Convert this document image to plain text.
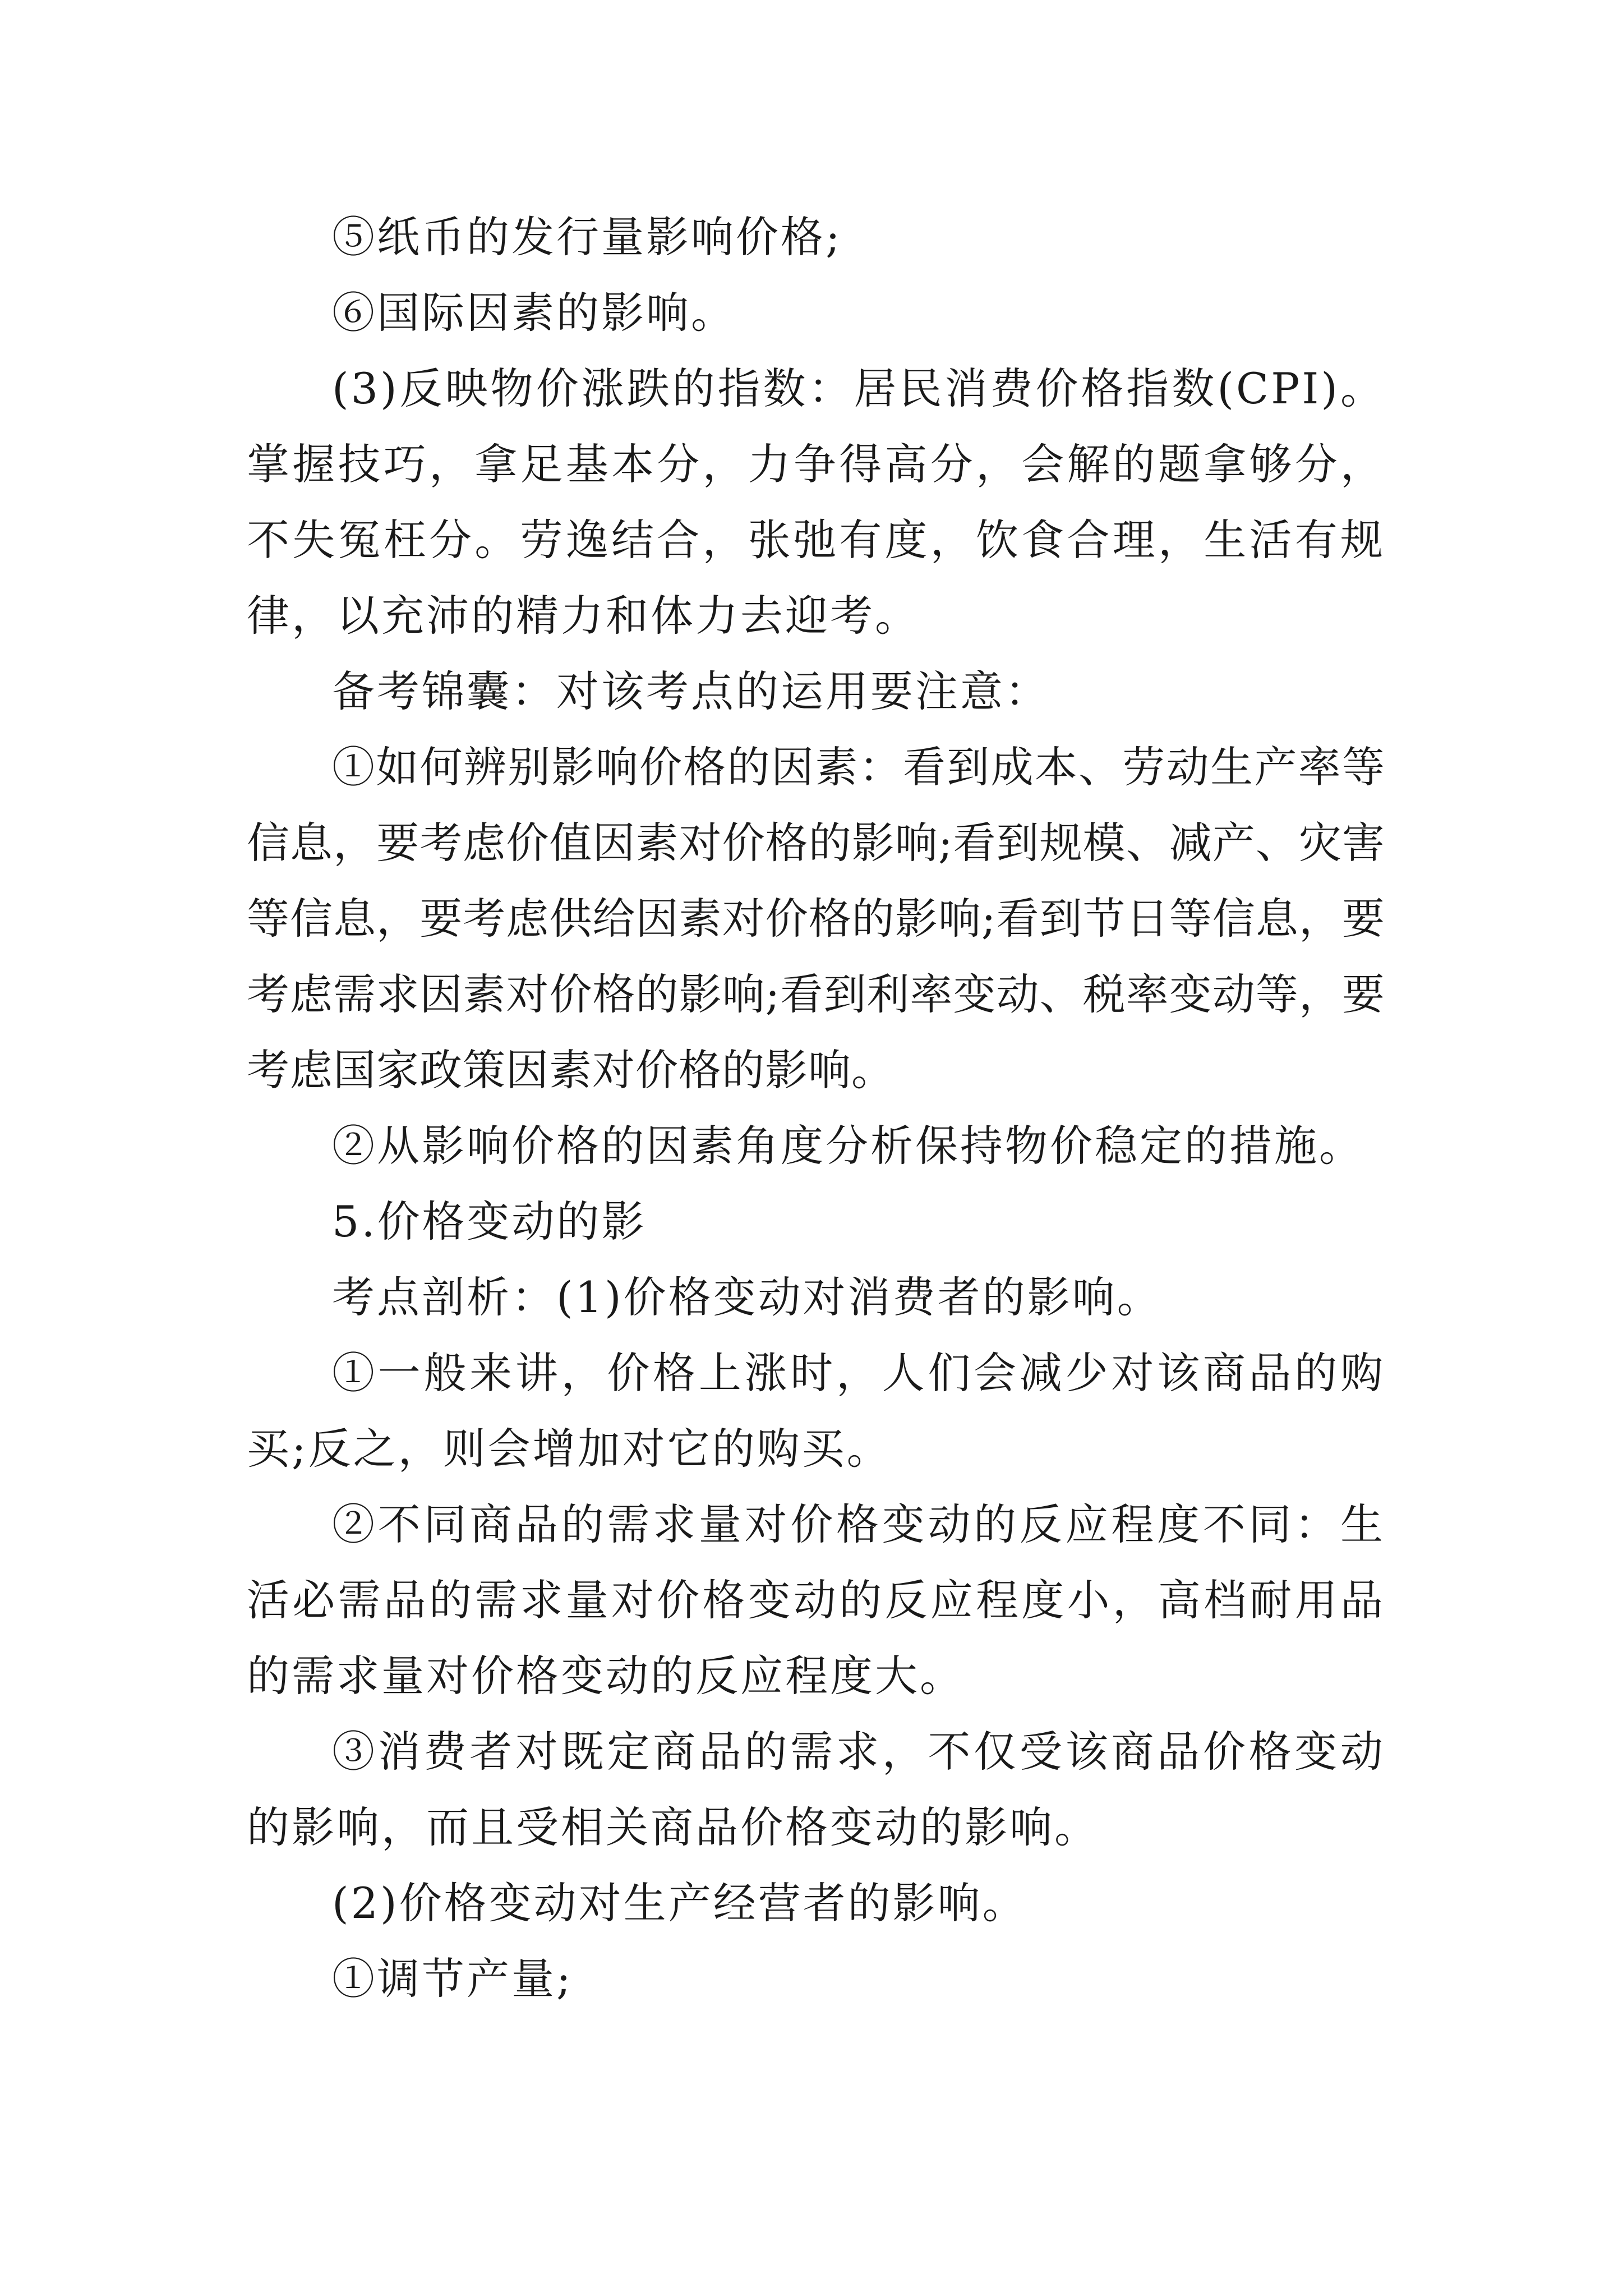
⑤纸币的发行量影响价格;

⑥国际因素的影响。

(3)反映物价涨跌的指数：居民消费价格指数(CPI)。掌握技巧，拿足基本分，力争得高分，会解的题拿够分，不失冤枉分。劳逸结合，张弛有度，饮食合理，生活有规律，以充沛的精力和体力去迎考。

备考锦囊：对该考点的运用要注意：

①如何辨别影响价格的因素：看到成本、劳动生产率等信息，要考虑价值因素对价格的影响;看到规模、减产、灾害等信息，要考虑供给因素对价格的影响;看到节日等信息，要考虑需求因素对价格的影响;看到利率变动、税率变动等，要考虑国家政策因素对价格的影响。

②从影响价格的因素角度分析保持物价稳定的措施。

5.价格变动的影

考点剖析：(1)价格变动对消费者的影响。

①一般来讲，价格上涨时，人们会减少对该商品的购买;反之，则会增加对它的购买。

②不同商品的需求量对价格变动的反应程度不同：生活必需品的需求量对价格变动的反应程度小，高档耐用品的需求量对价格变动的反应程度大。

③消费者对既定商品的需求，不仅受该商品价格变动的影响，而且受相关商品价格变动的影响。

(2)价格变动对生产经营者的影响。

①调节产量;
